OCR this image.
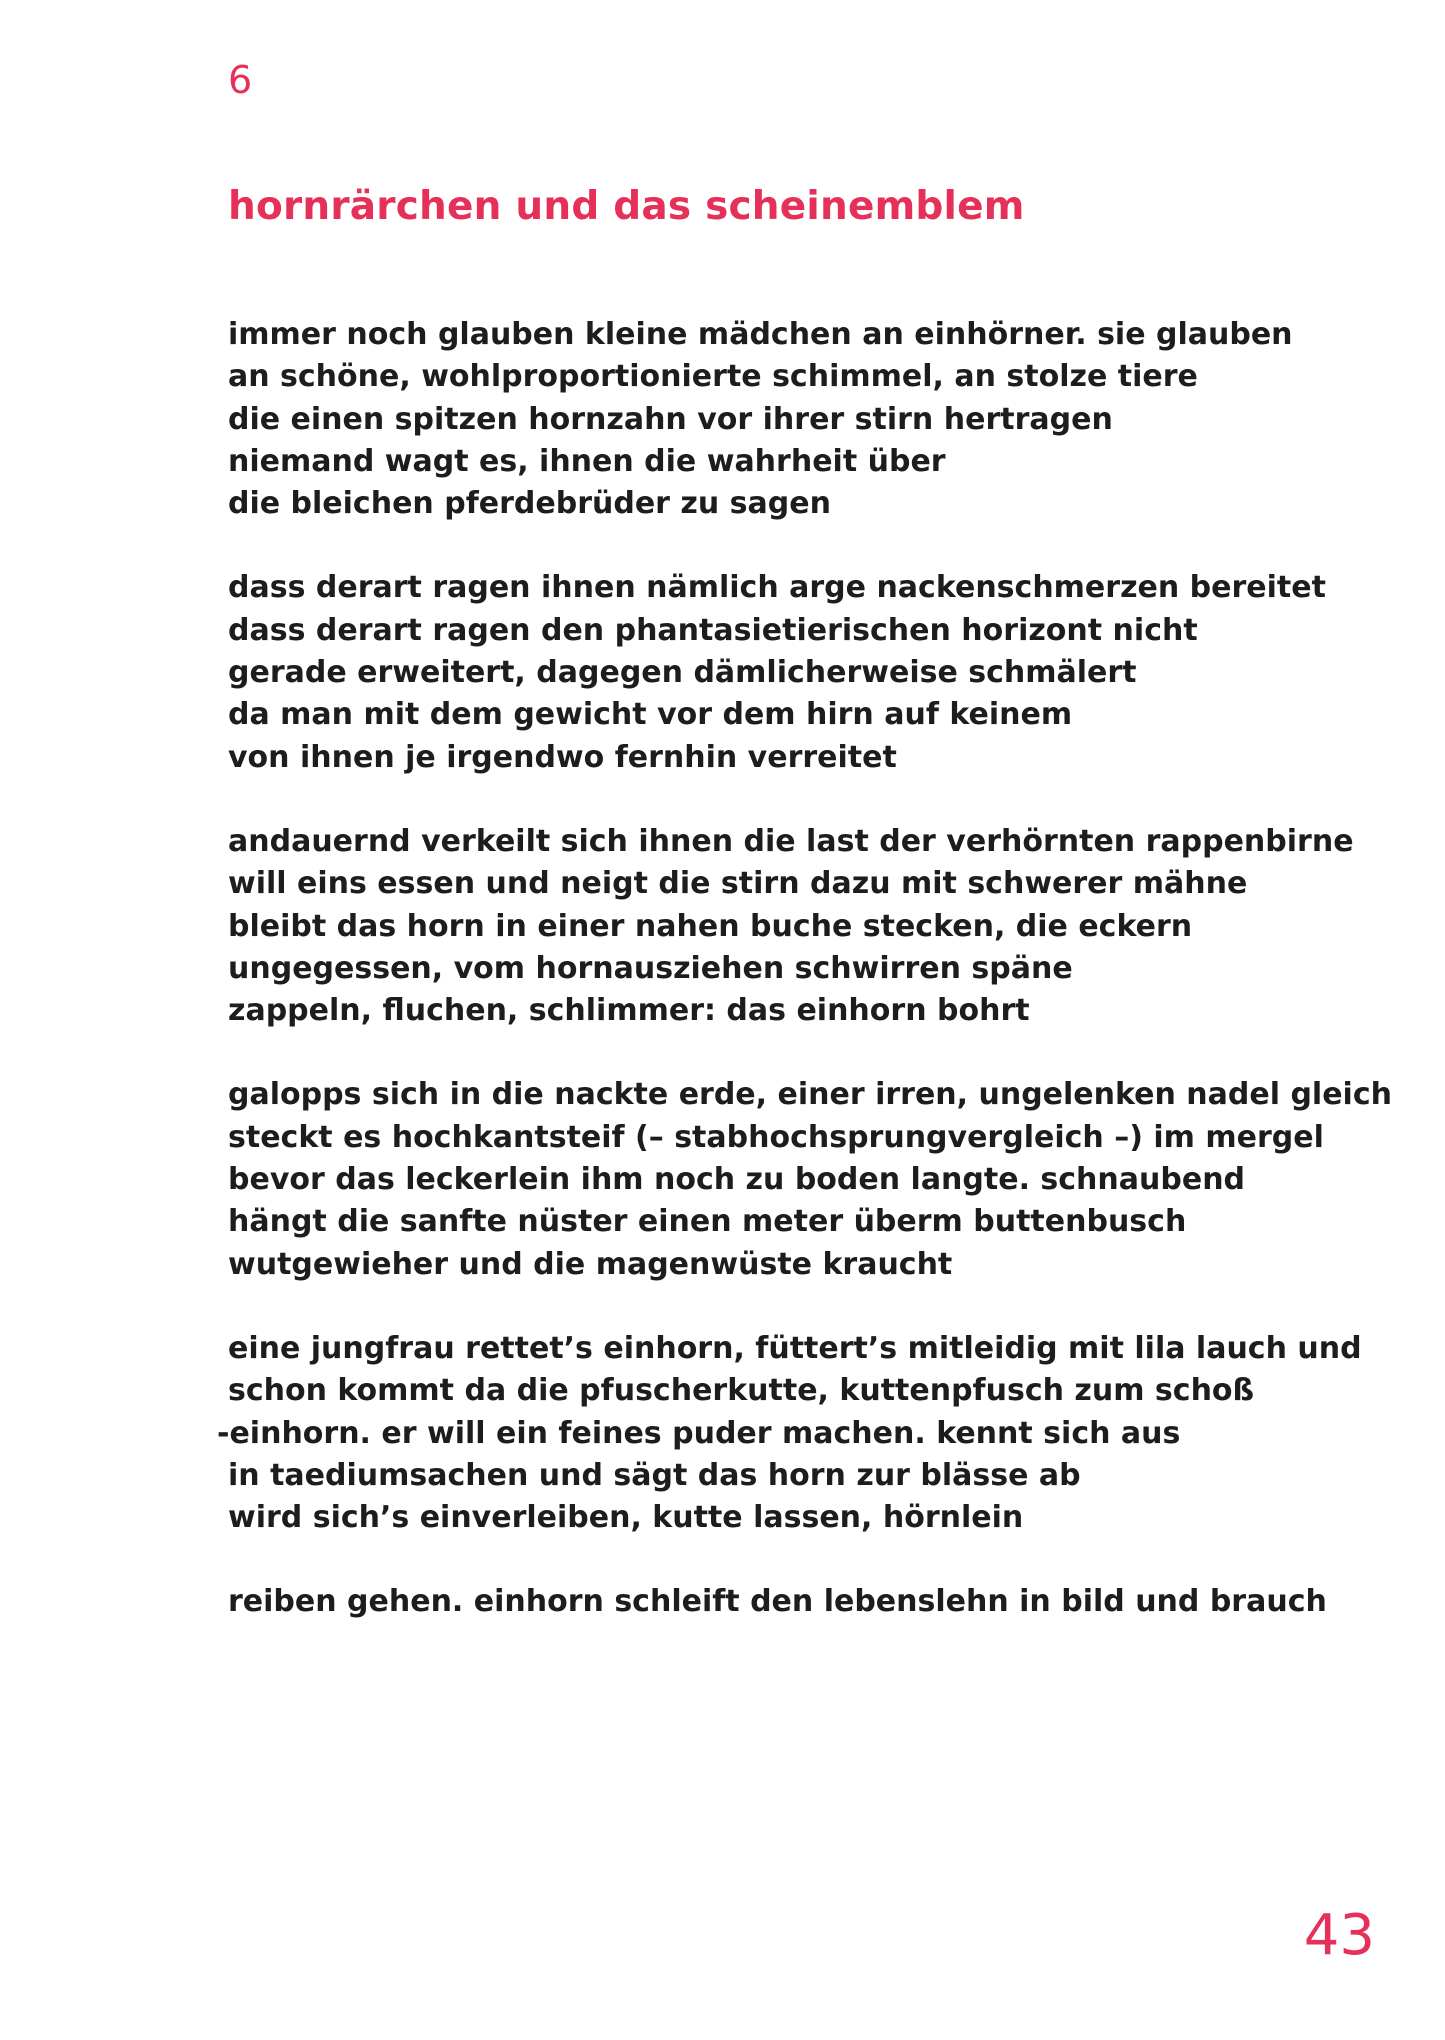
6
hornrärchen und das scheinemblem
immer noch glauben kleine mädchen an einhörner. sie glauben
an schöne, wohlproportionierte schimmel, an stolze tiere
die einen spitzen hornzahn vor ihrer stirn hertragen
niemand wagt es, ihnen die wahrheit über
die bleichen pferdebrüder zu sagen
dass derart ragen ihnen nämlich arge nackenschmerzen bereitet
dass derart ragen den phantasietierischen horizont nicht
gerade erweitert, dagegen dämlicherweise schmälert
da man mit dem gewicht vor dem hirn auf keinem
von ihnen je irgendwo fernhin verreitet
andauernd verkeilt sich ihnen die last der verhörnten rappenbirne
will eins essen und neigt die stirn dazu mit schwerer mähne
bleibt das horn in einer nahen buche stecken, die eckern
ungegessen, vom hornausziehen schwirren späne
zappeln, fluchen, schlimmer: das einhorn bohrt
galopps sich in die nackte erde, einer irren, ungelenken nadel gleich
steckt es hochkantsteif (– stabhochsprungvergleich –) im mergel
bevor das leckerlein ihm noch zu boden langte. schnaubend
hängt die sanfte nüster einen meter überm buttenbusch
wutgewieher und die magenwüste kraucht
eine jungfrau rettet’s einhorn, füttert’s mitleidig mit lila lauch und
schon kommt da die pfuscherkutte, kuttenpfusch zum schoß
-einhorn. er will ein feines puder machen. kennt sich aus
in taediumsachen und sägt das horn zur blässe ab
wird sich’s einverleiben, kutte lassen, hörnlein
reiben gehen. einhorn schleift den lebenslehn in bild und brauch
43
